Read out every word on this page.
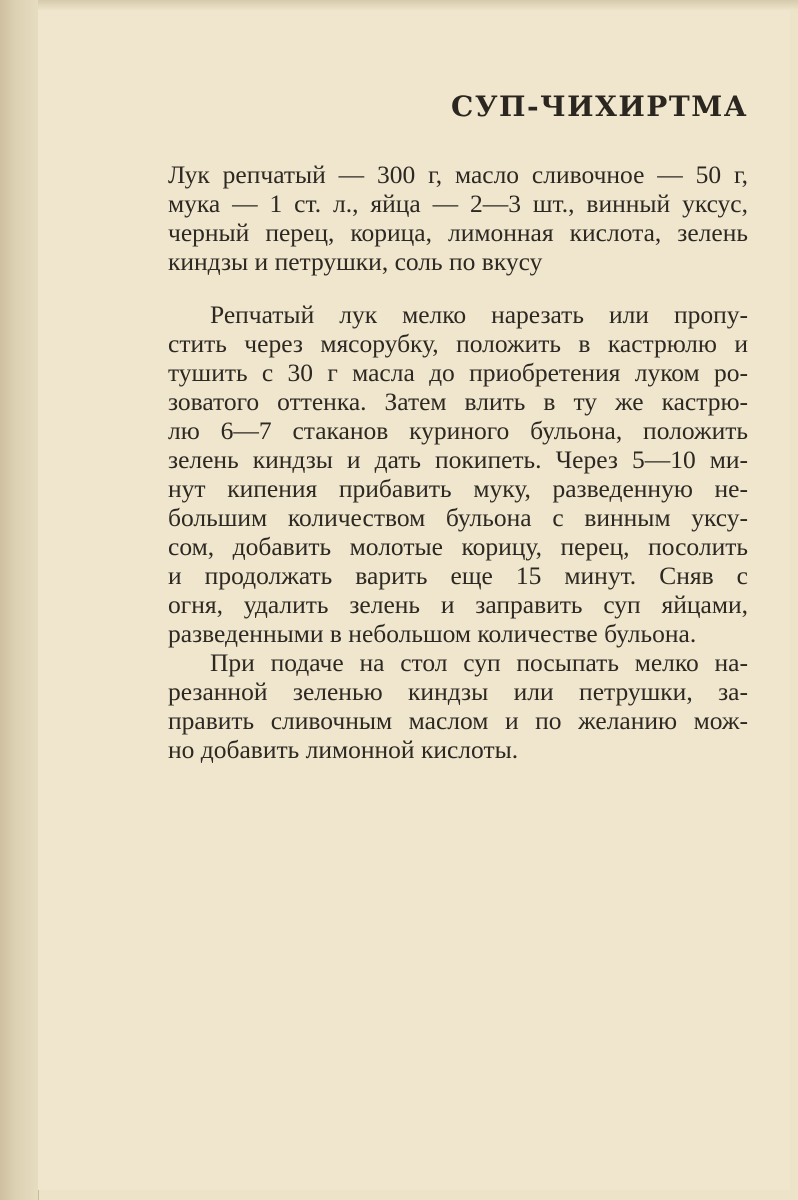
СУП-ЧИХИРТМА
Лук репчатый — 300 г, масло сливочное — 50 г,
мука — 1 ст. л., яйца — 2—3 шт., винный уксус,
черный перец, корица, лимонная кислота, зелень
киндзы и петрушки, соль по вкусу
Репчатый лук мелко нарезать или пропу-
стить через мясорубку, положить в кастрюлю и
тушить с 30 г масла до приобретения луком ро-
зоватого оттенка. Затем влить в ту же кастрю-
лю 6—7 стаканов куриного бульона, положить
зелень киндзы и дать покипеть. Через 5—10 ми-
нут кипения прибавить муку, разведенную не-
большим количеством бульона с винным уксу-
сом, добавить молотые корицу, перец, посолить
и продолжать варить еще 15 минут. Сняв с
огня, удалить зелень и заправить суп яйцами,
разведенными в небольшом количестве бульона.
При подаче на стол суп посыпать мелко на-
резанной зеленью киндзы или петрушки, за-
править сливочным маслом и по желанию мож-
но добавить лимонной кислоты.
